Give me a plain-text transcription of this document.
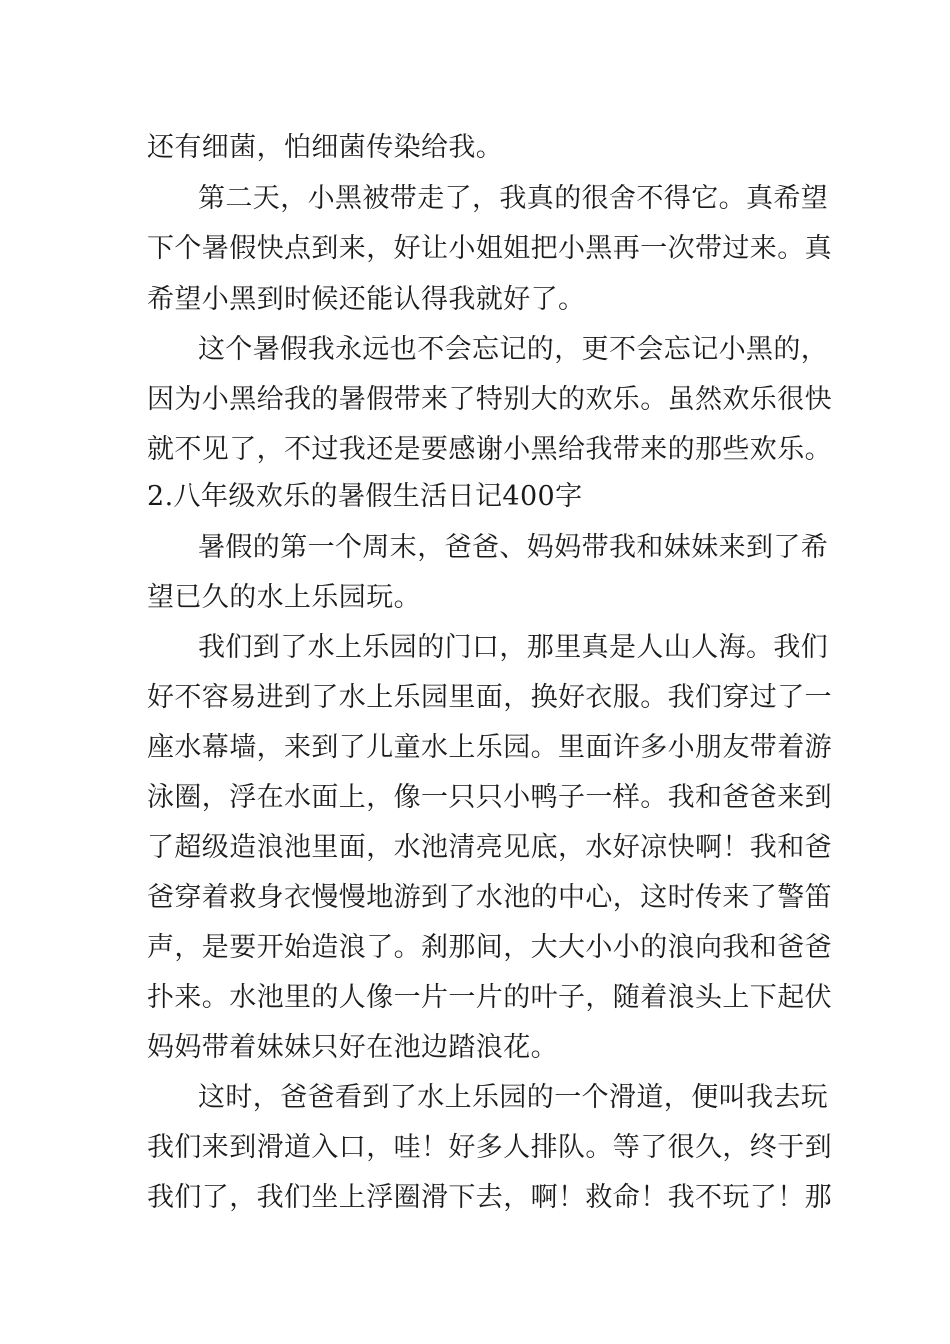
还有细菌，怕细菌传染给我。
第二天，小黑被带走了，我真的很舍不得它。真希望
下个暑假快点到来，好让小姐姐把小黑再一次带过来。真
希望小黑到时候还能认得我就好了。
这个暑假我永远也不会忘记的，更不会忘记小黑的，
因为小黑给我的暑假带来了特别大的欢乐。虽然欢乐很快
就不见了，不过我还是要感谢小黑给我带来的那些欢乐。
2.八年级欢乐的暑假生活日记400字
暑假的第一个周末，爸爸、妈妈带我和妹妹来到了希
望已久的水上乐园玩。
我们到了水上乐园的门口，那里真是人山人海。我们
好不容易进到了水上乐园里面，换好衣服。我们穿过了一
座水幕墙，来到了儿童水上乐园。里面许多小朋友带着游
泳圈，浮在水面上，像一只只小鸭子一样。我和爸爸来到
了超级造浪池里面，水池清亮见底，水好凉快啊！我和爸
爸穿着救身衣慢慢地游到了水池的中心，这时传来了警笛
声，是要开始造浪了。刹那间，大大小小的浪向我和爸爸
扑来。水池里的人像一片一片的叶子，随着浪头上下起伏
妈妈带着妹妹只好在池边踏浪花。
这时，爸爸看到了水上乐园的一个滑道，便叫我去玩
我们来到滑道入口，哇！好多人排队。等了很久，终于到
我们了，我们坐上浮圈滑下去，啊！救命！我不玩了！那
